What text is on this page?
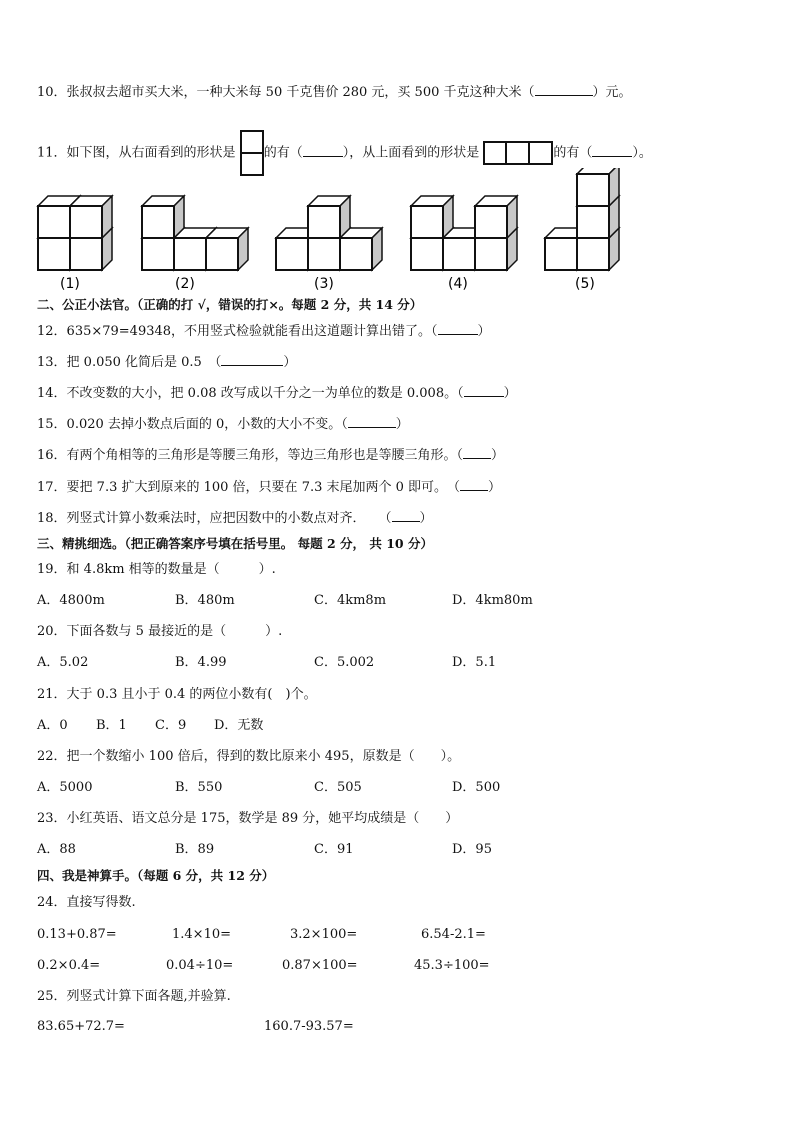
10．张叔叔去超市买大米，一种大米每 50 千克售价 280 元，买 500 千克这种大米（	）元。
11．如下图，从右面看到的形状是 的有（	），从上面看到的形状是	的有（	）。
(1)	(2)	(3)	(4)	(5)
二、公正小法官。（正确的打 √，错误的打×。每题 2 分，共 14 分）
12．635×79=49348，不用竖式检验就能看出这道题计算出错了。（	）
13．把 0.050 化简后是 0.5　（	）
14．不改变数的大小，把 0.08 改写成以千分之一为单位的数是 0.008。（	）
15．0.020 去掉小数点后面的 0，小数的大小不变。（	）
16．有两个角相等的三角形是等腰三角形，等边三角形也是等腰三角形。（ ）
17．要把 7.3 扩大到原来的 100 倍，只要在 7.3 末尾加两个 0 即可。　（ ）
18．列竖式计算小数乘法时，应把因数中的小数点对齐．　　（ ）
三、精挑细选。（把正确答案序号填在括号里。 每题 2 分， 共 10 分）
19．和 4.8km 相等的数量是（　　　）.
A．4800m	B．480m	C．4km8m	D．4km80m
20．下面各数与 5 最接近的是（　　　）.
A．5.02	B．4.99	C．5.002	D．5.1
21．大于 0.3 且小于 0.4 的两位小数有(　)个。
A．0 B．1 C．9 D．无数
22．把一个数缩小 100 倍后，得到的数比原来小 495，原数是（　　）。
A．5000	B．550	C．505	D．500
23．小红英语、语文总分是 175，数学是 89 分，她平均成绩是（　　）
A．88	B．89	C．91	D．95
四、我是神算手。（每题 6 分，共 12 分）
24．直接写得数.
0.13+0.87=	1.4×10=	3.2×100=	6.54-2.1=
0.2×0.4=	0.04÷10=	0.87×100=	45.3÷100=
25．列竖式计算下面各题,并验算.
83.65+72.7=	160.7-93.57=
